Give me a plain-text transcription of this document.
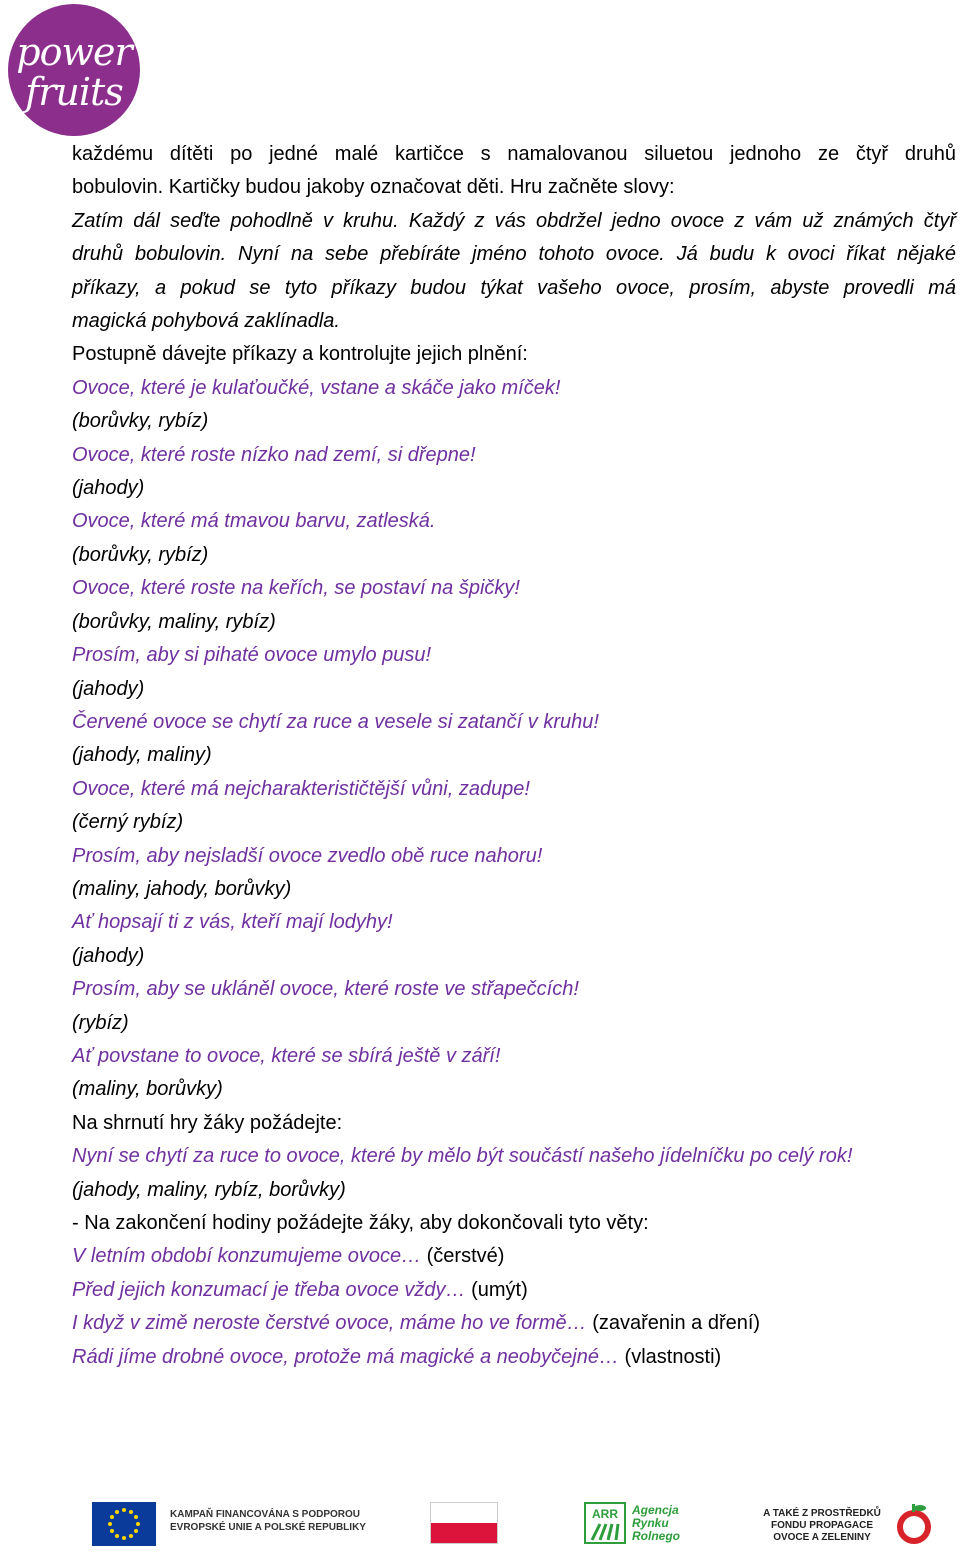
power
fruits

každému dítěti po jedné malé kartičce s namalovanou siluetou jednoho ze čtyř druhů

bobulovin. Kartičky budou jakoby označovat děti. Hru začněte slovy:

Zatím dál seďte pohodlně v kruhu. Každý z vás obdržel jedno ovoce z vám už známých čtyř

druhů bobulovin. Nyní na sebe přebíráte jméno tohoto ovoce. Já budu k ovoci říkat nějaké

příkazy, a pokud se tyto příkazy budou týkat vašeho ovoce, prosím, abyste provedli má

magická pohybová zaklínadla.

Postupně dávejte příkazy a kontrolujte jejich plnění:

Ovoce, které je kulaťoučké, vstane a skáče jako míček!

(borůvky, rybíz)

Ovoce, které roste nízko nad zemí, si dřepne!

(jahody)

Ovoce, které má tmavou barvu, zatleská.

(borůvky, rybíz)

Ovoce, které roste na keřích, se postaví na špičky!

(borůvky, maliny, rybíz)

Prosím, aby si pihaté ovoce umylo pusu!

(jahody)

Červené ovoce se chytí za ruce a vesele si zatančí v kruhu!

(jahody, maliny)

Ovoce, které má nejcharakterističtější vůni, zadupe!

(černý rybíz)

Prosím, aby nejsladší ovoce zvedlo obě ruce nahoru!

(maliny, jahody, borůvky)

Ať hopsají ti z vás, kteří mají lodyhy!

(jahody)

Prosím, aby se ukláněl ovoce, které roste ve střapečcích!

(rybíz)

Ať povstane to ovoce, které se sbírá ještě v září!

(maliny, borůvky)

Na shrnutí hry žáky požádejte:

Nyní se chytí za ruce to ovoce, které by mělo být součástí našeho jídelníčku po celý rok!

(jahody, maliny, rybíz, borůvky)

- Na zakončení hodiny požádejte žáky, aby dokončovali tyto věty:

V letním období konzumujeme ovoce… (čerstvé)

Před jejich konzumací je třeba ovoce vždy… (umýt)

I když v zimě neroste čerstvé ovoce, máme ho ve formě… (zavařenin a dření)

Rádi jíme drobné ovoce, protože má magické a neobyčejné… (vlastnosti)

KAMPAŇ FINANCOVÁNA S PODPOROU
EVROPSKÉ UNIE A POLSKÉ REPUBLIKY
ARR Agencja
Rynku
Rolnego
A TAKÉ Z PROSTŘEDKŮ
FONDU PROPAGACE
OVOCE A ZELENINY
